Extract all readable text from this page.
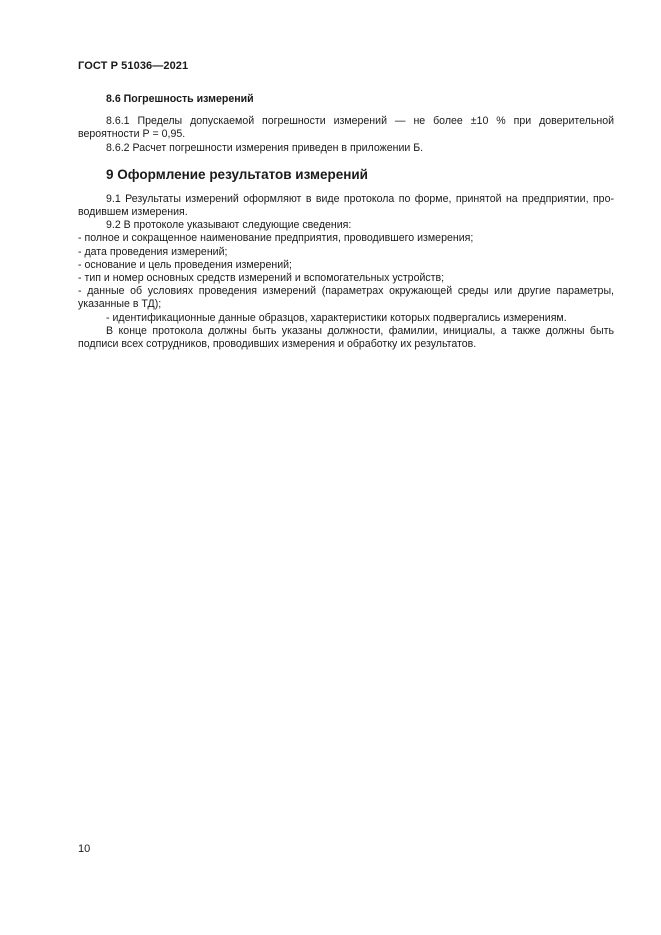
ГОСТ Р 51036—2021
8.6 Погрешность измерений

8.6.1 Пределы допускаемой погрешности измерений — не более ±10 % при доверительной

вероятности Р = 0,95.

8.6.2 Расчет погрешности измерения приведен в приложении Б.

9 Оформление результатов измерений

9.1 Результаты измерений оформляют в виде протокола по форме, принятой на предприятии, про-водившем измерения.

9.2 В протоколе указывают следующие сведения:

- полное и сокращенное наименование предприятия, проводившего измерения;

- дата проведения измерений;

- основание и цель проведения измерений;

- тип и номер основных средств измерений и вспомогательных устройств;

- данные об условиях проведения измерений (параметрах окружающей среды или другие параметры, указанные в ТД);

- идентификационные данные образцов, характеристики которых подвергались измерениям.

В конце протокола должны быть указаны должности, фамилии, инициалы, а также должны быть подписи всех сотрудников, проводивших измерения и обработку их результатов.

10
